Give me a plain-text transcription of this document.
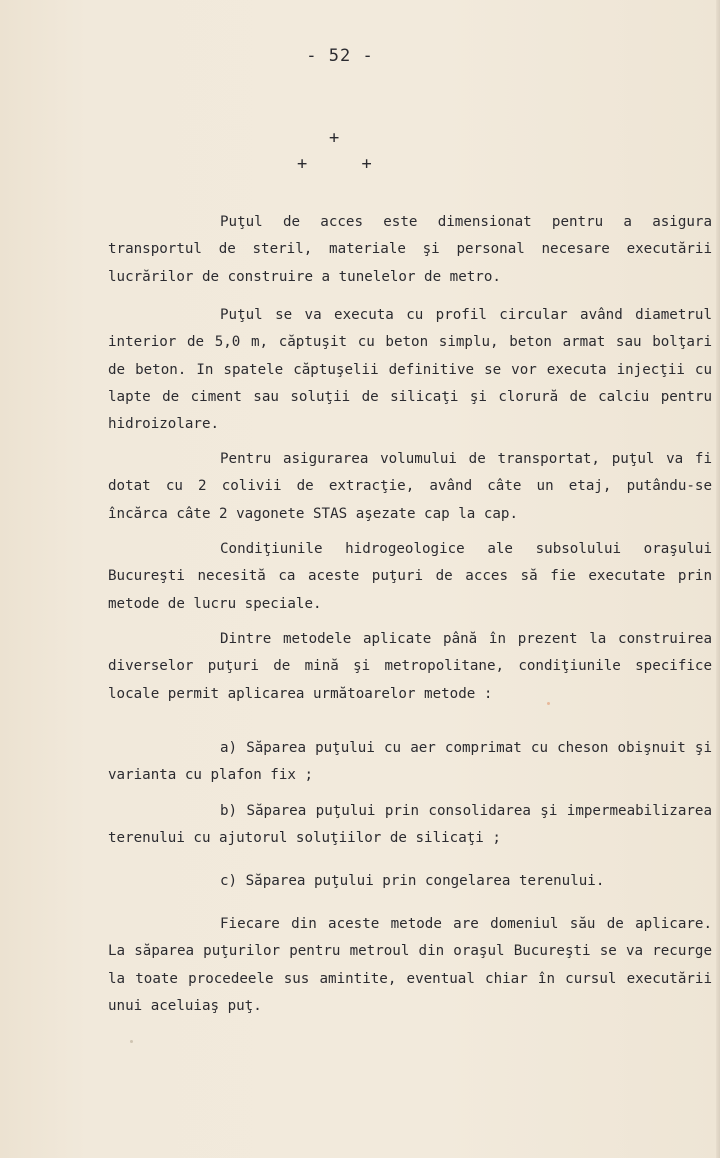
- 52 -
+
+ +

Puţul de acces este dimensionat pentru a asigura transportul de steril, materiale şi personal necesare executării lucrărilor de construire a tunelelor de metro.

Puţul se va executa cu profil circular având diametrul interior de 5,0 m, căptuşit cu beton simplu, beton armat sau bolţari de beton. In spatele căptuşelii definitive se vor executa injecţii cu lapte de ciment sau soluţii de silicaţi şi clorură de calciu pentru hidroizolare.

Pentru asigurarea volumului de transportat, puţul va fi dotat cu 2 colivii de extracţie, având câte un etaj, putându-se încărca câte 2 vagonete STAS aşezate cap la cap.

Condiţiunile hidrogeologice ale subsolului oraşului Bucureşti necesită ca aceste puţuri de acces să fie executate prin metode de lucru speciale.

Dintre metodele aplicate până în prezent la construirea diverselor puţuri de mină şi metropolitane, condiţiunile specifice locale permit aplicarea următoarelor metode :

a) Săparea puţului cu aer comprimat cu cheson obişnuit şi varianta cu plafon fix ;

b) Săparea puţului prin consolidarea şi impermeabilizarea terenului cu ajutorul soluţiilor de silicaţi ;

c) Săparea puţului prin congelarea terenului.

Fiecare din aceste metode are domeniul său de aplicare. La săparea puţurilor pentru metroul din oraşul Bucureşti se va recurge la toate procedeele sus amintite, eventual chiar în cursul executării unui aceluiaş puţ.
